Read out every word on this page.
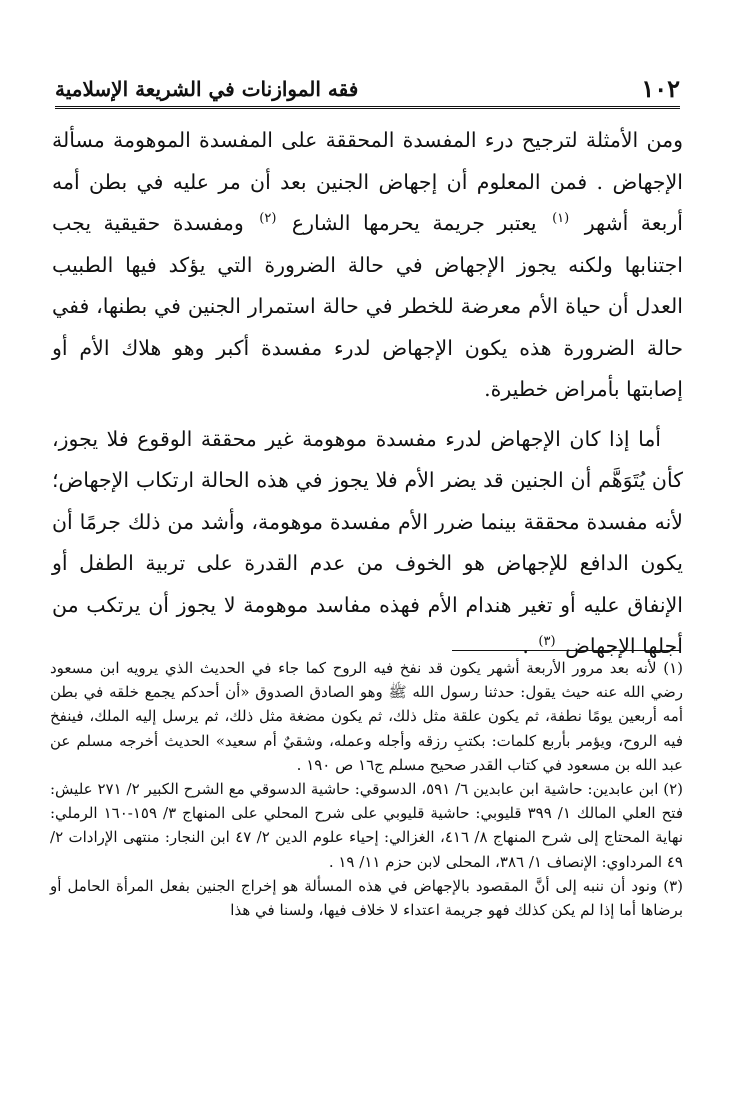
١٠٢
فقه الموازنات في الشريعة الإسلامية

ومن الأمثلة لترجيح درء المفسدة المحققة على المفسدة الموهومة مسألة الإجهاض . فمن المعلوم أن إجهاض الجنين بعد أن مر عليه في بطن أمه أربعة أشهر $^{(١)}$ يعتبر جريمة يحرمها الشارع $^{(٢)}$ ومفسدة حقيقية يجب اجتنابها ولكنه يجوز الإجهاض في حالة الضرورة التي يؤكد فيها الطبيب العدل أن حياة الأم معرضة للخطر في حالة استمرار الجنين في بطنها، ففي حالة الضرورة هذه يكون الإجهاض لدرء مفسدة أكبر وهو هلاك الأم أو إصابتها بأمراض خطيرة.

أما إذا كان الإجهاض لدرء مفسدة موهومة غير محققة الوقوع فلا يجوز، كأن يُتَوَهَّم أن الجنين قد يضر الأم فلا يجوز في هذه الحالة ارتكاب الإجهاض؛ لأنه مفسدة محققة بينما ضرر الأم مفسدة موهومة، وأشد من ذلك جرمًا أن يكون الدافع للإجهاض هو الخوف من عدم القدرة على تربية الطفل أو الإنفاق عليه أو تغير هندام الأم فهذه مفاسد موهومة لا يجوز أن يرتكب من أجلها الإجهاض $^{(٣)}$ .

(١) لأنه بعد مرور الأربعة أشهر يكون قد نفخ فيه الروح كما جاء في الحديث الذي يرويه ابن مسعود رضي الله عنه حيث يقول: حدثنا رسول الله ﷺ وهو الصادق الصدوق «أن أحدكم يجمع خلقه في بطن أمه أربعين يومًا نطفة، ثم يكون علقة مثل ذلك، ثم يكون مضغة مثل ذلك، ثم يرسل إليه الملك، فينفخ فيه الروح، ويؤمر بأربع كلمات: بكتبِ رزقه وأجله وعمله، وشقيٌ أم سعيد» الحديث أخرجه مسلم عن عبد الله بن مسعود في كتاب القدر صحيح مسلم ج١٦ ص ١٩٠ .

(٢) ابن عابدين: حاشية ابن عابدين ٦/ ٥٩١، الدسوقي: حاشية الدسوقي مع الشرح الكبير ٢/ ٢٧١ عليش: فتح العلي المالك ١/ ٣٩٩ قليوبي: حاشية قليوبي على شرح المحلي على المنهاج ٣/ ١٥٩-١٦٠ الرملي: نهاية المحتاج إلى شرح المنهاج ٨/ ٤١٦، الغزالي: إحياء علوم الدين ٢/ ٤٧ ابن النجار: منتهى الإرادات ٢/ ٤٩ المرداوي: الإنصاف ١/ ٣٨٦، المحلى لابن حزم ١١/ ١٩ .

(٣) ونود أن ننبه إلى أنَّ المقصود بالإجهاض في هذه المسألة هو إخراج الجنين بفعل المرأة الحامل أو برضاها أما إذا لم يكن كذلك فهو جريمة اعتداء لا خلاف فيها، ولسنا في هذا
